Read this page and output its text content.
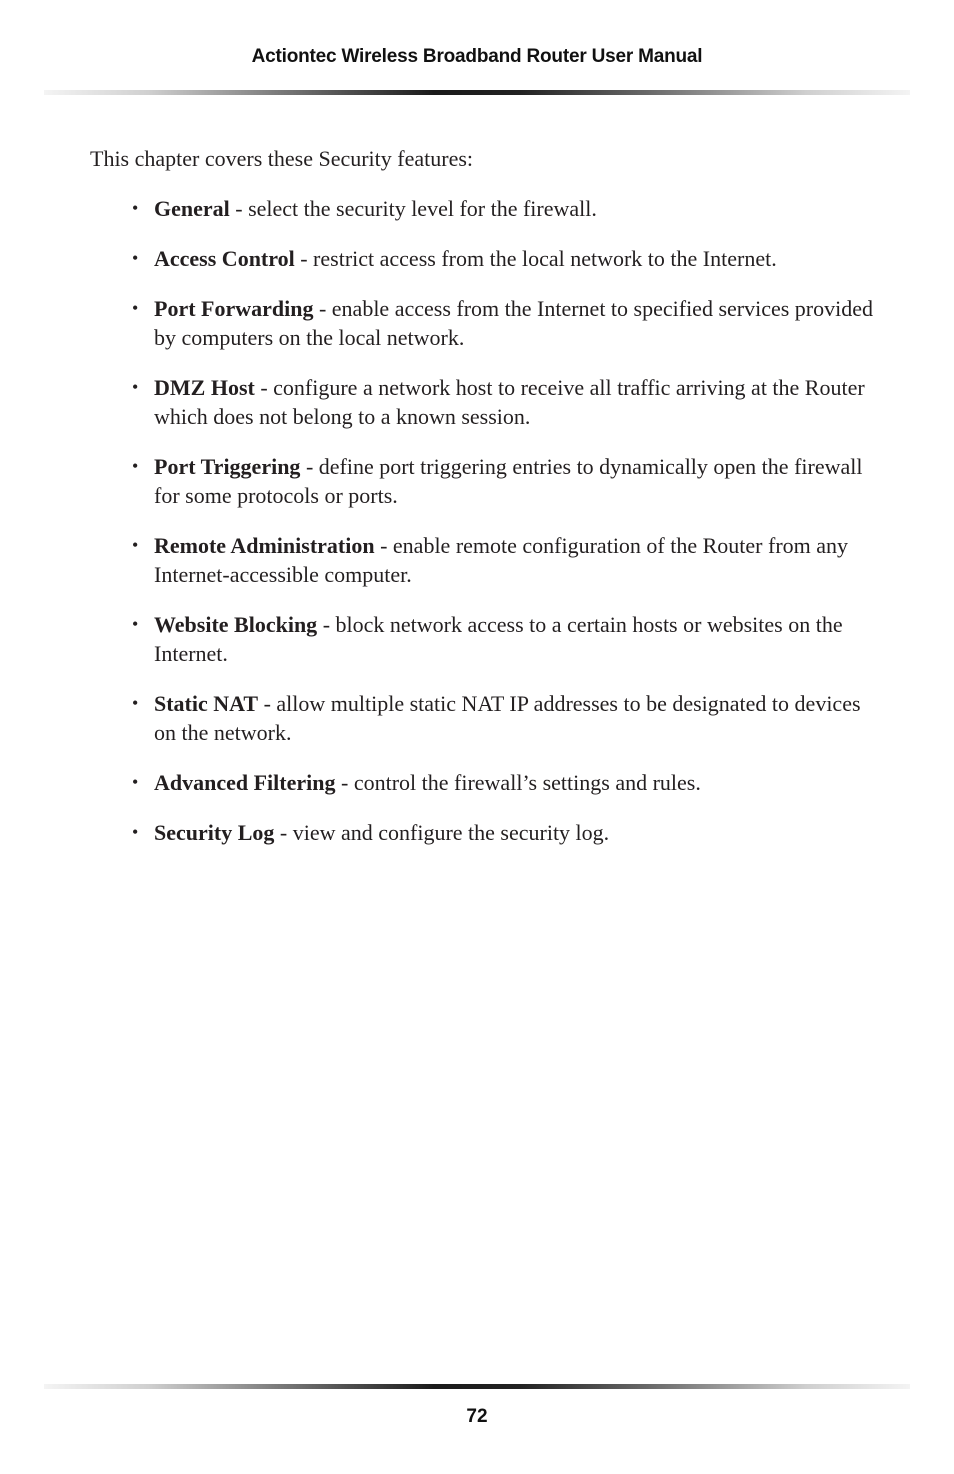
Actiontec Wireless Broadband Router User Manual

This chapter covers these Security features:

• General - select the security level for the firewall.
• Access Control - restrict access from the local network to the Internet.
• Port Forwarding - enable access from the Internet to specified services provided by computers on the local network.
• DMZ Host - configure a network host to receive all traffic arriving at the Router which does not belong to a known session.
• Port Triggering - define port triggering entries to dynamically open the firewall for some protocols or ports.
• Remote Administration - enable remote configuration of the Router from any Internet-accessible computer.
• Website Blocking - block network access to a certain hosts or websites on the Internet.
• Static NAT - allow multiple static NAT IP addresses to be designated to devices on the network.
• Advanced Filtering - control the firewall’s settings and rules.
• Security Log - view and configure the security log.
72
